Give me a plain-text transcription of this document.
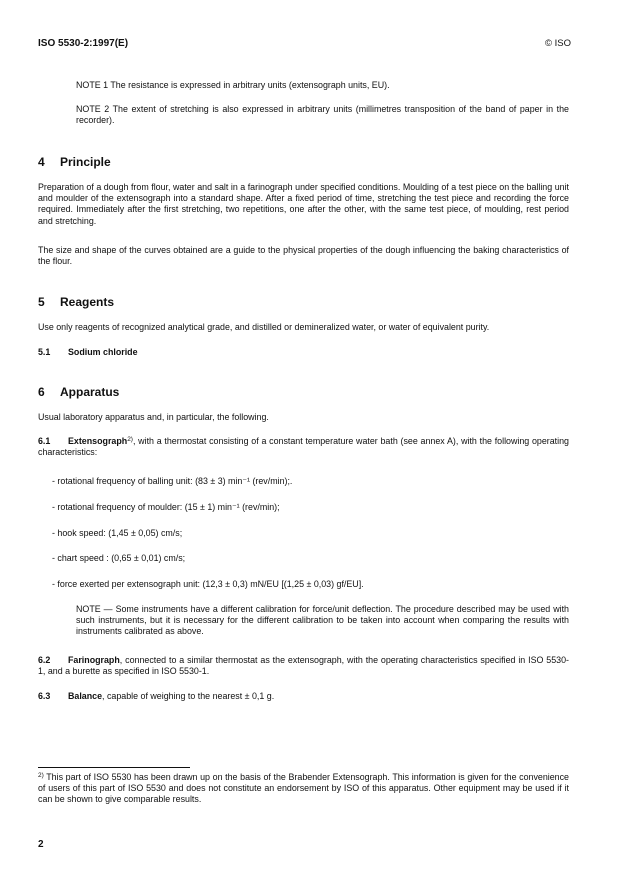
ISO 5530-2:1997(E)	© ISO
NOTE 1 The resistance is expressed in arbitrary units (extensograph units, EU).
NOTE 2 The extent of stretching is also expressed in arbitrary units (millimetres transposition of the band of paper in the recorder).
4 Principle
Preparation of a dough from flour, water and salt in a farinograph under specified conditions. Moulding of a test piece on the balling unit and moulder of the extensograph into a standard shape. After a fixed period of time, stretching the test piece and recording the force required. Immediately after the first stretching, two repetitions, one after the other, with the same test piece, of moulding, rest period and stretching.
The size and shape of the curves obtained are a guide to the physical properties of the dough influencing the baking characteristics of the flour.
5 Reagents
Use only reagents of recognized analytical grade, and distilled or demineralized water, or water of equivalent purity.
5.1 Sodium chloride
6 Apparatus
Usual laboratory apparatus and, in particular, the following.
6.1 Extensograph$^{2)}$, with a thermostat consisting of a constant temperature water bath (see annex A), with the following operating characteristics:
- rotational frequency of balling unit: (83 ± 3) min⁻¹ (rev/min);.
- rotational frequency of moulder: (15 ± 1) min⁻¹ (rev/min);
- hook speed: (1,45 ± 0,05) cm/s;
- chart speed : (0,65 ± 0,01) cm/s;
- force exerted per extensograph unit: (12,3 ± 0,3) mN/EU [(1,25 ± 0,03) gf/EU].
NOTE — Some instruments have a different calibration for force/unit deflection. The procedure described may be used with such instruments, but it is necessary for the different calibration to be taken into account when comparing the results with instruments calibrated as above.
6.2 Farinograph, connected to a similar thermostat as the extensograph, with the operating characteristics specified in ISO 5530-1, and a burette as specified in ISO 5530-1.
6.3 Balance, capable of weighing to the nearest ± 0,1 g.
$^{2)}$ This part of ISO 5530 has been drawn up on the basis of the Brabender Extensograph. This information is given for the convenience of users of this part of ISO 5530 and does not constitute an endorsement by ISO of this apparatus. Other equipment may be used if it can be shown to give comparable results.
2
